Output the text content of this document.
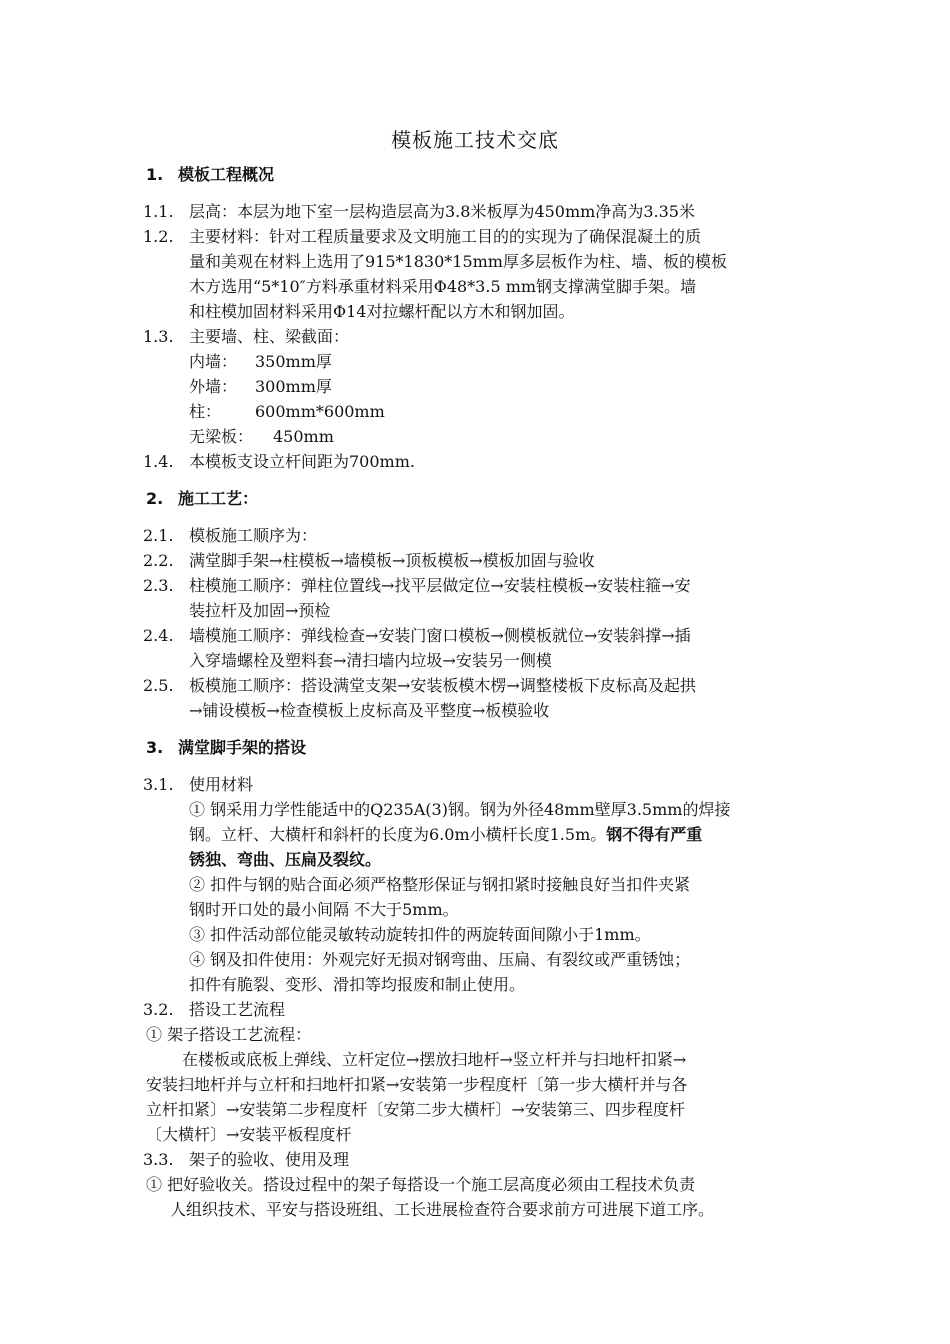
模板施工技术交底
1. 模板工程概况
1.1. 层高：本层为地下室一层构造层高为3.8米板厚为450mm净高为3.35米
1.2. 主要材料：针对工程质量要求及文明施工目的的实现为了确保混凝土的质
量和美观在材料上选用了915*1830*15mm厚多层板作为柱、墙、板的模板
木方选用“5*10″方料承重材料采用Φ48*3.5 mm钢支撑满堂脚手架。墙
和柱模加固材料采用Φ14对拉螺杆配以方木和钢加固。
1.3. 主要墙、柱、梁截面：
内墙： 350mm厚
外墙： 300mm厚
柱： 600mm*600mm
无梁板： 450mm
1.4. 本模板支设立杆间距为700mm.
2. 施工工艺：
2.1. 模板施工顺序为：
2.2. 满堂脚手架→柱模板→墙模板→顶板模板→模板加固与验收
2.3. 柱模施工顺序：弹柱位置线→找平层做定位→安装柱模板→安装柱箍→安
装拉杆及加固→预检
2.4. 墙模施工顺序：弹线检查→安装门窗口模板→侧模板就位→安装斜撑→插
入穿墙螺栓及塑料套→清扫墙内垃圾→安装另一侧模
2.5. 板模施工顺序：搭设满堂支架→安装板模木楞→调整楼板下皮标高及起拱
→铺设模板→检查模板上皮标高及平整度→板模验收
3. 满堂脚手架的搭设
3.1. 使用材料
① 钢采用力学性能适中的Q235A(3)钢。钢为外径48mm壁厚3.5mm的焊接
钢。立杆、大横杆和斜杆的长度为6.0m小横杆长度1.5m。钢不得有严重
锈独、弯曲、压扁及裂纹。
② 扣件与钢的贴合面必须严格整形保证与钢扣紧时接触良好当扣件夹紧
钢时开口处的最小间隔 不大于5mm。
③ 扣件活动部位能灵敏转动旋转扣件的两旋转面间隙小于1mm。
④ 钢及扣件使用：外观完好无损对钢弯曲、压扁、有裂纹或严重锈蚀；
扣件有脆裂、变形、滑扣等均报废和制止使用。
3.2. 搭设工艺流程
① 架子搭设工艺流程：
在楼板或底板上弹线、立杆定位→摆放扫地杆→竖立杆并与扫地杆扣紧→
安装扫地杆并与立杆和扫地杆扣紧→安装第一步程度杆〔第一步大横杆并与各
立杆扣紧〕→安装第二步程度杆〔安第二步大横杆〕→安装第三、四步程度杆
〔大横杆〕→安装平板程度杆
3.3. 架子的验收、使用及理
① 把好验收关。搭设过程中的架子每搭设一个施工层高度必须由工程技术负责
人组织技术、平安与搭设班组、工长进展检查符合要求前方可进展下道工序。
